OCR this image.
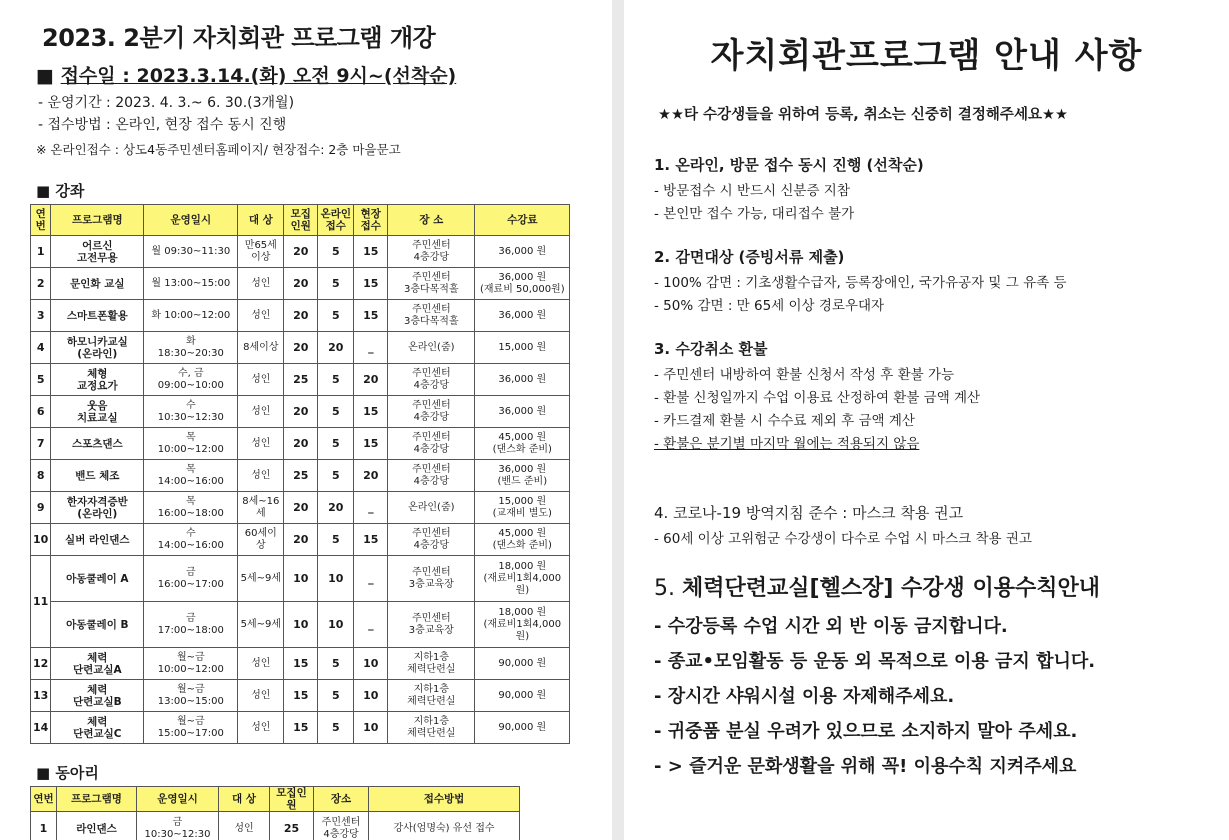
2023. 2분기 자치회관 프로그램 개강
■ 접수일 : 2023.3.14.(화) 오전 9시~(선착순)
- 운영기간 : 2023. 4. 3.~ 6. 30.(3개월)
- 접수방법 : 온라인, 현장 접수 동시 진행
※ 온라인접수 : 상도4동주민센터홈페이지/ 현장접수: 2층 마을문고
■ 강좌
연번	프로그램명	운영일시	대 상	모집인원	온라인접수	현장접수	장 소	수강료
1	어르신
고전무용	월 09:30~11:30	만65세
이상	20	5	15	주민센터
4층강당	36,000 원

2	문인화 교실	월 13:00~15:00	성인	20	5	15	주민센터
3층다목적홀	36,000 원
(재료비 50,000원)

3	스마트폰활용	화 10:00~12:00	성인	20	5	15	주민센터
3층다목적홀	36,000 원

4	하모니카교실
(온라인)	화
18:30~20:30	8세이상	20	20	_	온라인(줌)	15,000 원

5	체형
교정요가	수, 금
09:00~10:00	성인	25	5	20	주민센터
4층강당	36,000 원

6	웃음
치료교실	수
10:30~12:30	성인	20	5	15	주민센터
4층강당	36,000 원

7	스포츠댄스	목
10:00~12:00	성인	20	5	15	주민센터
4층강당	45,000 원
(댄스화 준비)

8	밴드 체조	목
14:00~16:00	성인	25	5	20	주민센터
4층강당	36,000 원
(밴드 준비)

9	한자자격증반
(온라인)	목
16:00~18:00	8세~16세	20	20	_	온라인(줌)	15,000 원
(교재비 별도)

10	실버 라인댄스	수
14:00~16:00	60세이상	20	5	15	주민센터
4층강당	45,000 원
(댄스화 준비)

11	아동쿨레이 A	금
16:00~17:00	5세~9세	10	10	_	주민센터
3층교육장	18,000 원
(재료비1회4,000원)

	아동쿨레이 B	금
17:00~18:00	5세~9세	10	10	_	주민센터
3층교육장	18,000 원
(재료비1회4,000원)

12	체력
단련교실A	월~금
10:00~12:00	성인	15	5	10	지하1층
체력단련실	90,000 원

13	체력
단련교실B	월~금
13:00~15:00	성인	15	5	10	지하1층
체력단련실	90,000 원

14	체력
단련교실C	월~금
15:00~17:00	성인	15	5	10	지하1층
체력단련실	90,000 원
■ 동아리
연번	프로그램명	운영일시	대 상	모집인원	장소	접수방법
1	라인댄스	금
10:30~12:30	성인	25	주민센터
4층강당	강사(엄명숙) 유선 접수
자치회관프로그램 안내 사항
★★타 수강생들을 위하여 등록, 취소는 신중히 결정해주세요★★
1. 온라인, 방문 접수 동시 진행 (선착순)
- 방문접수 시 반드시 신분증 지참
- 본인만 접수 가능, 대리접수 불가
2. 감면대상 (증빙서류 제출)
- 100% 감면 : 기초생활수급자, 등록장애인, 국가유공자 및 그 유족 등
- 50% 감면 : 만 65세 이상 경로우대자
3. 수강취소 환불
- 주민센터 내방하여 환불 신청서 작성 후 환불 가능
- 환불 신청일까지 수업 이용료 산정하여 환불 금액 계산
- 카드결제 환불 시 수수료 제외 후 금액 계산
- 환불은 분기별 마지막 월에는 적용되지 않음
4. 코로나-19 방역지침 준수 : 마스크 착용 권고
- 60세 이상 고위험군 수강생이 다수로 수업 시 마스크 착용 권고
5. 체력단련교실[헬스장] 수강생 이용수칙안내
- 수강등록 수업 시간 외 반 이동 금지합니다.
- 종교•모임활동 등 운동 외 목적으로 이용 금지 합니다.
- 장시간 샤워시설 이용 자제해주세요.
- 귀중품 분실 우려가 있으므로 소지하지 말아 주세요.
- > 즐거운 문화생활을 위해 꼭! 이용수칙 지켜주세요
